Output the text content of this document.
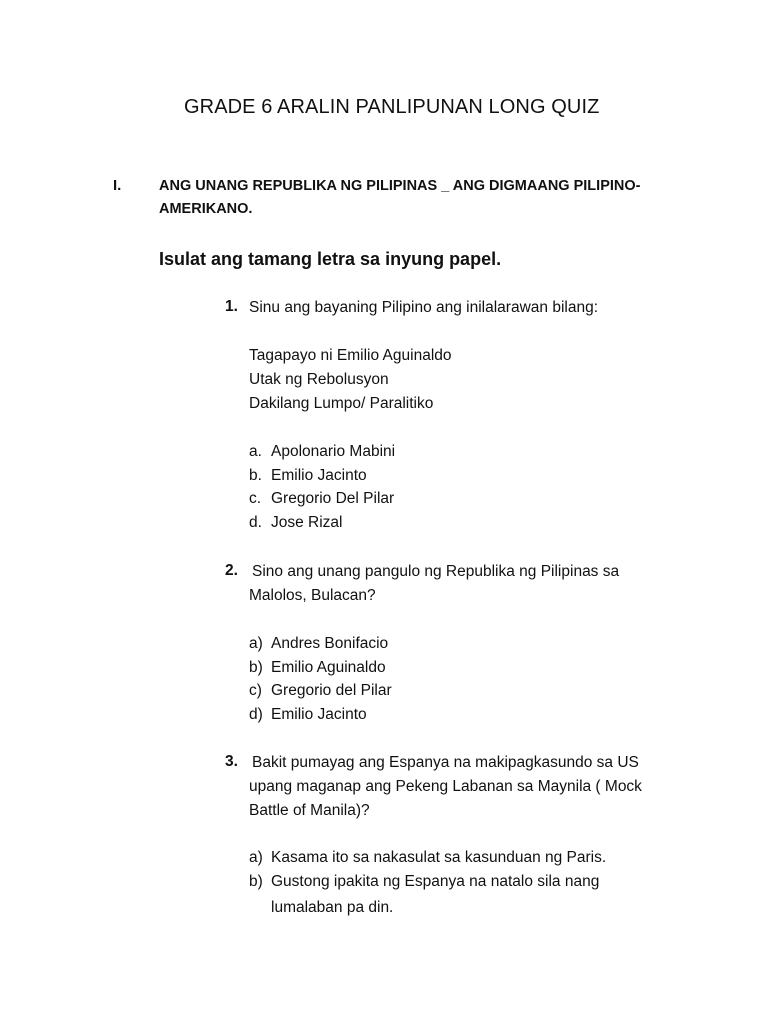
GRADE 6 ARALIN PANLIPUNAN LONG QUIZ
I.	ANG UNANG REPUBLIKA NG PILIPINAS _ ANG DIGMAANG PILIPINO-
AMERIKANO.
Isulat ang tamang letra sa inyung papel.
1. Sinu ang bayaning Pilipino ang inilalarawan bilang:
Tagapayo ni Emilio Aguinaldo
Utak ng Rebolusyon
Dakilang Lumpo/ Paralitiko
a. Apolonario Mabini
b. Emilio Jacinto
c. Gregorio Del Pilar
d. Jose Rizal
2. Sino ang unang pangulo ng Republika ng Pilipinas sa
Malolos, Bulacan?
a) Andres Bonifacio
b) Emilio Aguinaldo
c) Gregorio del Pilar
d) Emilio Jacinto
3. Bakit pumayag ang Espanya na makipagkasundo sa US
upang maganap ang Pekeng Labanan sa Maynila ( Mock
Battle of Manila)?
a) Kasama ito sa nakasulat sa kasunduan ng Paris.
b) Gustong ipakita ng Espanya na natalo sila nang
lumalaban pa din.
